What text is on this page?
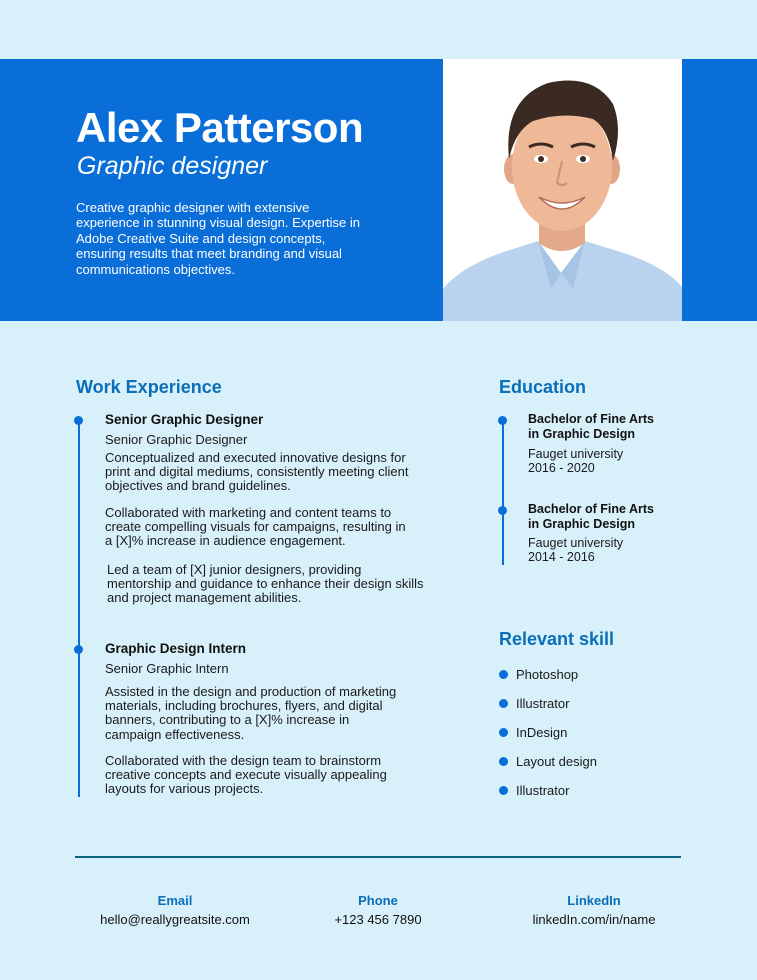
Alex Patterson
Graphic designer
Creative graphic designer with extensive experience in stunning visual design. Expertise in Adobe Creative Suite and design concepts, ensuring results that meet branding and visual communications objectives.
Work Experience
Senior Graphic Designer
Senior Graphic Designer
Conceptualized and executed innovative designs for print and digital mediums, consistently meeting client objectives and brand guidelines.
Collaborated with marketing and content teams to create compelling visuals for campaigns, resulting in a [X]% increase in audience engagement.
Led a team of [X] junior designers, providing mentorship and guidance to enhance their design skills and project management abilities.
Graphic Design Intern
Senior Graphic Intern
Assisted in the design and production of marketing materials, including brochures, flyers, and digital banners, contributing to a [X]% increase in campaign effectiveness.
Collaborated with the design team to brainstorm creative concepts and execute visually appealing layouts for various projects.
Education
Bachelor of Fine Arts in Graphic Design
Fauget university
2016 - 2020
Bachelor of Fine Arts in Graphic Design
Fauget university
2014 - 2016
Relevant skill
Photoshop
Illustrator
InDesign
Layout design
Illustrator
Email
hello@reallygreatsite.com
Phone
+123 456 7890
LinkedIn
linkedIn.com/in/name
